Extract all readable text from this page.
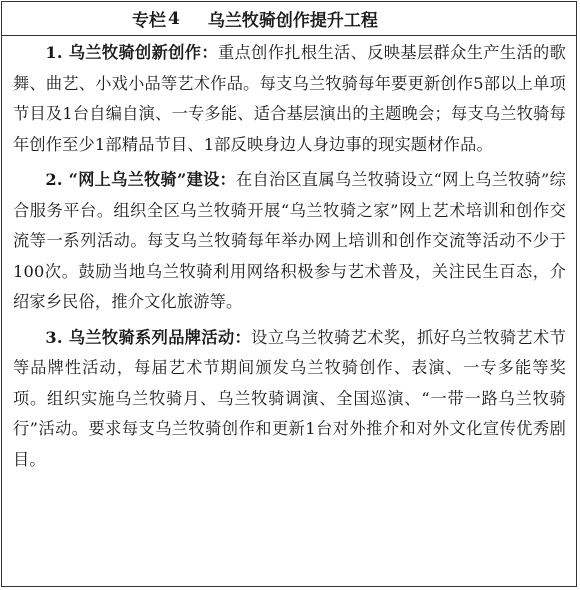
专栏 4 乌兰牧骑创作提升工程

1. 乌兰牧骑创新创作：重点创作扎根生活、反映基层群众生产生活的歌舞、曲艺、小戏小品等艺术作品。每支乌兰牧骑每年要更新创作5部以上单项节目及1台自编自演、一专多能、适合基层演出的主题晚会；每支乌兰牧骑每年创作至少1部精品节目、1部反映身边人身边事的现实题材作品。

2. “网上乌兰牧骑”建设：在自治区直属乌兰牧骑设立“网上乌兰牧骑”综合服务平台。组织全区乌兰牧骑开展“乌兰牧骑之家”网上艺术培训和创作交流等一系列活动。每支乌兰牧骑每年举办网上培训和创作交流等活动不少于100次。鼓励当地乌兰牧骑利用网络积极参与艺术普及，关注民生百态，介绍家乡民俗，推介文化旅游等。

3. 乌兰牧骑系列品牌活动：设立乌兰牧骑艺术奖，抓好乌兰牧骑艺术节等品牌性活动，每届艺术节期间颁发乌兰牧骑创作、表演、一专多能等奖项。组织实施乌兰牧骑月、乌兰牧骑调演、全国巡演、“一带一路乌兰牧骑行”活动。要求每支乌兰牧骑创作和更新1台对外推介和对外文化宣传优秀剧目。
